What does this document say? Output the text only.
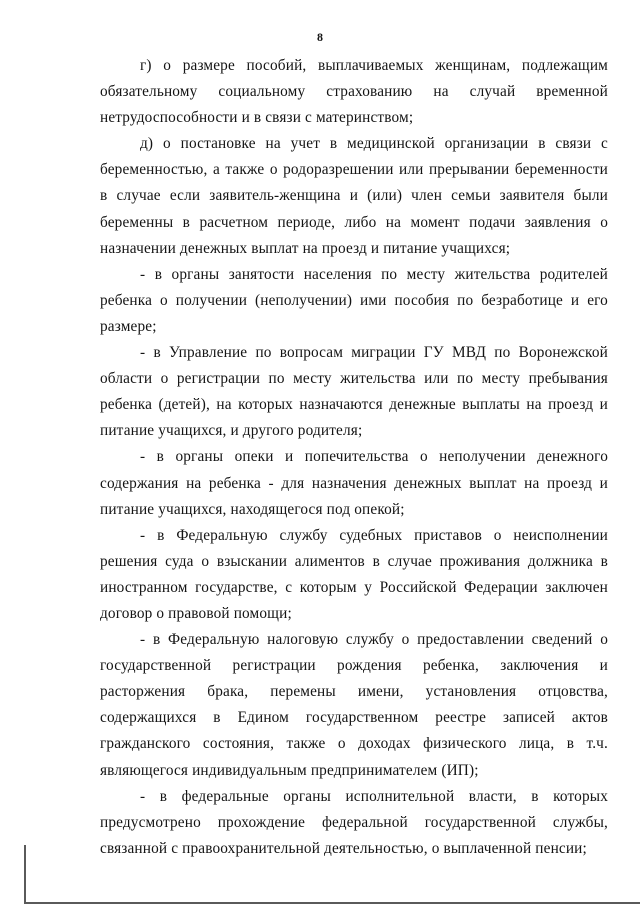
8

г) о размере пособий, выплачиваемых женщинам, подлежащим обязательному социальному страхованию на случай временной нетрудоспособности и в связи с материнством;

д) о постановке на учет в медицинской организации в связи с беременностью, а также о родоразрешении или прерывании беременности в случае если заявитель-женщина и (или) член семьи заявителя были беременны в расчетном периоде, либо на момент подачи заявления о назначении денежных выплат на проезд и питание учащихся;

- в органы занятости населения по месту жительства родителей ребенка о получении (неполучении) ими пособия по безработице и его размере;

- в Управление по вопросам миграции ГУ МВД по Воронежской области о регистрации по месту жительства или по месту пребывания ребенка (детей), на которых назначаются денежные выплаты на проезд и питание учащихся, и другого родителя;

- в органы опеки и попечительства о неполучении денежного содержания на ребенка - для назначения денежных выплат на проезд и питание учащихся, находящегося под опекой;

- в Федеральную службу судебных приставов о неисполнении решения суда о взыскании алиментов в случае проживания должника в иностранном государстве, с которым у Российской Федерации заключен договор о правовой помощи;

- в Федеральную налоговую службу о предоставлении сведений о государственной регистрации рождения ребенка, заключения и расторжения брака, перемены имени, установления отцовства, содержащихся в Едином государственном реестре записей актов гражданского состояния, также о доходах физического лица, в т.ч. являющегося индивидуальным предпринимателем (ИП);

- в федеральные органы исполнительной власти, в которых предусмотрено прохождение федеральной государственной службы, связанной с правоохранительной деятельностью, о выплаченной пенсии;
